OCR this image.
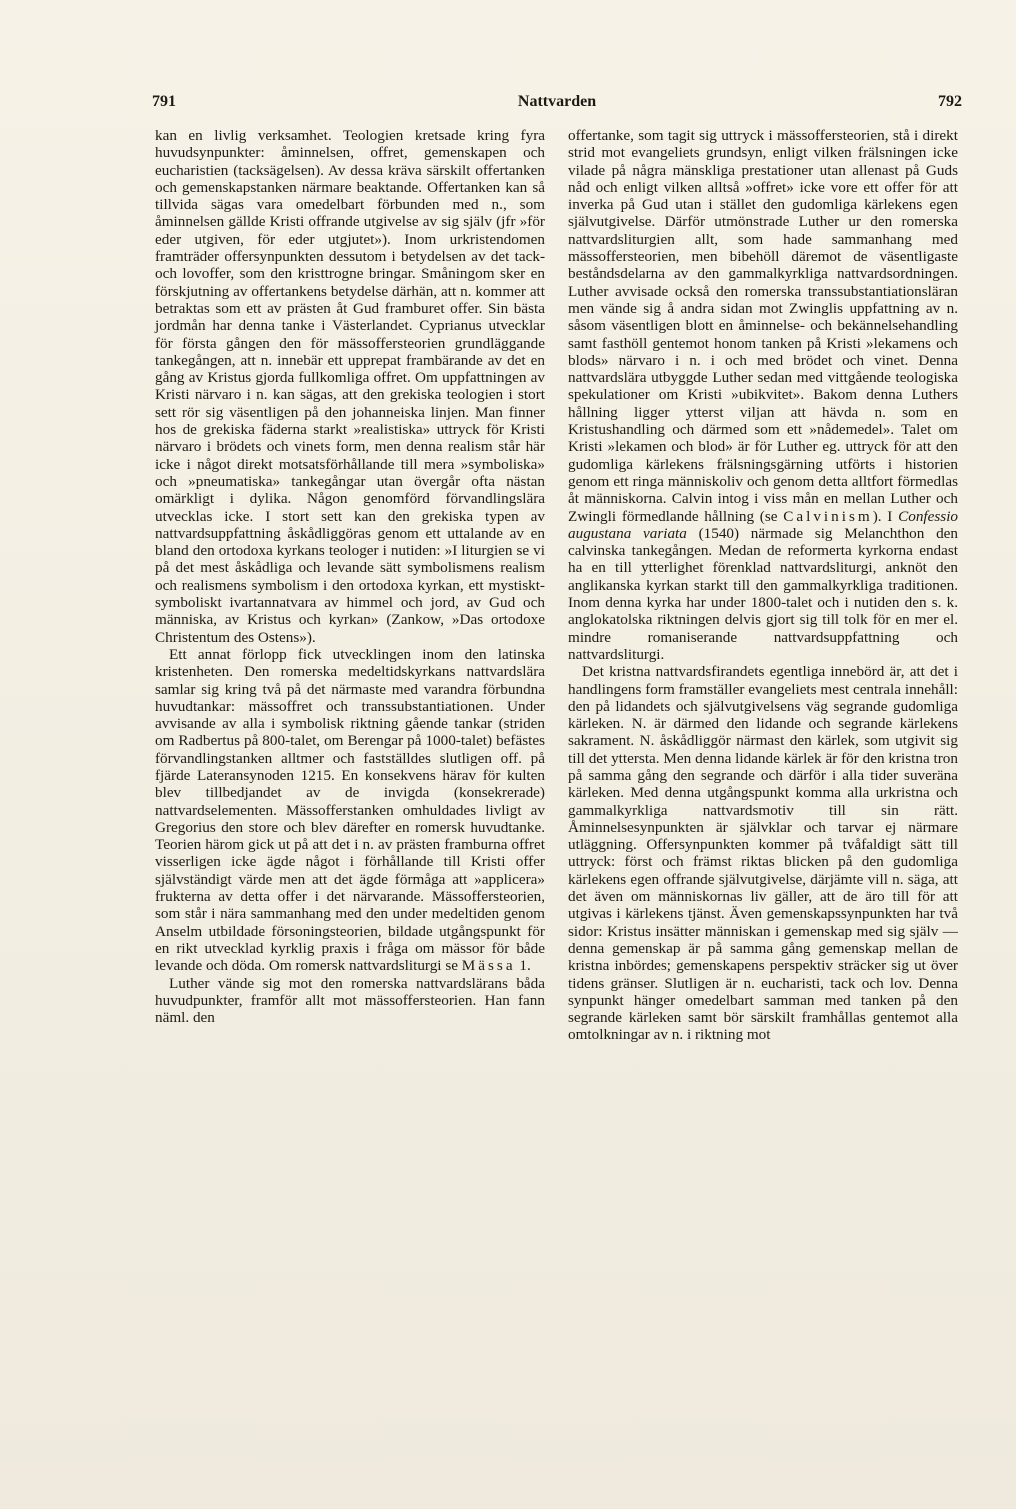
791	Nattvarden	792

kan en livlig verksamhet. Teologien kretsade kring fyra huvudsynpunkter: åminnelsen, offret, gemenskapen och eucharistien (tacksägelsen). Av dessa kräva särskilt offertanken och gemenskapstanken närmare beaktande. Offertanken kan så tillvida sägas vara omedelbart förbunden med n., som åminnelsen gällde Kristi offrande utgivelse av sig själv (jfr »för eder utgiven, för eder utgjutet»). Inom urkristendomen framträder offersynpunkten dessutom i betydelsen av det tack- och lovoffer, som den kristtrogne bringar. Småningom sker en förskjutning av offertankens betydelse därhän, att n. kommer att betraktas som ett av prästen åt Gud framburet offer. Sin bästa jordmån har denna tanke i Västerlandet. Cyprianus utvecklar för första gången den för mässoffersteorien grundläggande tankegången, att n. innebär ett upprepat frambärande av det en gång av Kristus gjorda fullkomliga offret. Om uppfattningen av Kristi närvaro i n. kan sägas, att den grekiska teologien i stort sett rör sig väsentligen på den johanneiska linjen. Man finner hos de grekiska fäderna starkt »realistiska» uttryck för Kristi närvaro i brödets och vinets form, men denna realism står här icke i något direkt motsatsförhållande till mera »symboliska» och »pneumatiska» tankegångar utan övergår ofta nästan omärkligt i dylika. Någon genomförd förvandlingslära utvecklas icke. I stort sett kan den grekiska typen av nattvardsuppfattning åskådliggöras genom ett uttalande av en bland den ortodoxa kyrkans teologer i nutiden: »I liturgien se vi på det mest åskådliga och levande sätt symbolismens realism och realismens symbolism i den ortodoxa kyrkan, ett mystiskt-symboliskt ivartannatvara av himmel och jord, av Gud och människa, av Kristus och kyrkan» (Zankow, »Das ortodoxe Christentum des Ostens»).

Ett annat förlopp fick utvecklingen inom den latinska kristenheten. Den romerska medeltidskyrkans nattvardslära samlar sig kring två på det närmaste med varandra förbundna huvudtankar: mässoffret och transsubstantiationen. Under avvisande av alla i symbolisk riktning gående tankar (striden om Radbertus på 800-talet, om Berengar på 1000-talet) befästes förvandlingstanken alltmer och fastställdes slutligen off. på fjärde Lateransynoden 1215. En konsekvens härav för kulten blev tillbedjandet av de invigda (konsekrerade) nattvardselementen. Mässofferstanken omhuldades livligt av Gregorius den store och blev därefter en romersk huvudtanke. Teorien härom gick ut på att det i n. av prästen framburna offret visserligen icke ägde något i förhållande till Kristi offer självständigt värde men att det ägde förmåga att »applicera» frukterna av detta offer i det närvarande. Mässoffersteorien, som står i nära sammanhang med den under medeltiden genom Anselm utbildade försoningsteorien, bildade utgångspunkt för en rikt utvecklad kyrklig praxis i fråga om mässor för både levande och döda. Om romersk nattvardsliturgi se Mässa 1.

Luther vände sig mot den romerska nattvardslärans båda huvudpunkter, framför allt mot mässoffersteorien. Han fann näml. den

offertanke, som tagit sig uttryck i mässoffersteorien, stå i direkt strid mot evangeliets grundsyn, enligt vilken frälsningen icke vilade på några mänskliga prestationer utan allenast på Guds nåd och enligt vilken alltså »offret» icke vore ett offer för att inverka på Gud utan i stället den gudomliga kärlekens egen självutgivelse. Därför utmönstrade Luther ur den romerska nattvardsliturgien allt, som hade sammanhang med mässoffersteorien, men bibehöll däremot de väsentligaste beståndsdelarna av den gammalkyrkliga nattvardsordningen. Luther avvisade också den romerska transsubstantiationsläran men vände sig å andra sidan mot Zwinglis uppfattning av n. såsom väsentligen blott en åminnelse- och bekännelsehandling samt fasthöll gentemot honom tanken på Kristi »lekamens och blods» närvaro i n. i och med brödet och vinet. Denna nattvardslära utbyggde Luther sedan med vittgående teologiska spekulationer om Kristi »ubikvitet». Bakom denna Luthers hållning ligger ytterst viljan att hävda n. som en Kristushandling och därmed som ett »nådemedel». Talet om Kristi »lekamen och blod» är för Luther eg. uttryck för att den gudomliga kärlekens frälsningsgärning utförts i historien genom ett ringa människoliv och genom detta alltfort förmedlas åt människorna. Calvin intog i viss mån en mellan Luther och Zwingli förmedlande hållning (se Calvinism). I Confessio augustana variata (1540) närmade sig Melanchthon den calvinska tankegången. Medan de reformerta kyrkorna endast ha en till ytterlighet förenklad nattvardsliturgi, anknöt den anglikanska kyrkan starkt till den gammalkyrkliga traditionen. Inom denna kyrka har under 1800-talet och i nutiden den s. k. anglokatolska riktningen delvis gjort sig till tolk för en mer el. mindre romaniserande nattvardsuppfattning och nattvardsliturgi.

Det kristna nattvardsfirandets egentliga innebörd är, att det i handlingens form framställer evangeliets mest centrala innehåll: den på lidandets och självutgivelsens väg segrande gudomliga kärleken. N. är därmed den lidande och segrande kärlekens sakrament. N. åskådliggör närmast den kärlek, som utgivit sig till det yttersta. Men denna lidande kärlek är för den kristna tron på samma gång den segrande och därför i alla tider suveräna kärleken. Med denna utgångspunkt komma alla urkristna och gammalkyrkliga nattvardsmotiv till sin rätt. Åminnelsesynpunkten är självklar och tarvar ej närmare utläggning. Offersynpunkten kommer på tvåfaldigt sätt till uttryck: först och främst riktas blicken på den gudomliga kärlekens egen offrande självutgivelse, därjämte vill n. säga, att det även om människornas liv gäller, att de äro till för att utgivas i kärlekens tjänst. Även gemenskapssynpunkten har två sidor: Kristus insätter människan i gemenskap med sig själv — denna gemenskap är på samma gång gemenskap mellan de kristna inbördes; gemenskapens perspektiv sträcker sig ut över tidens gränser. Slutligen är n. eucharisti, tack och lov. Denna synpunkt hänger omedelbart samman med tanken på den segrande kärleken samt bör särskilt framhållas gentemot alla omtolkningar av n. i riktning mot
